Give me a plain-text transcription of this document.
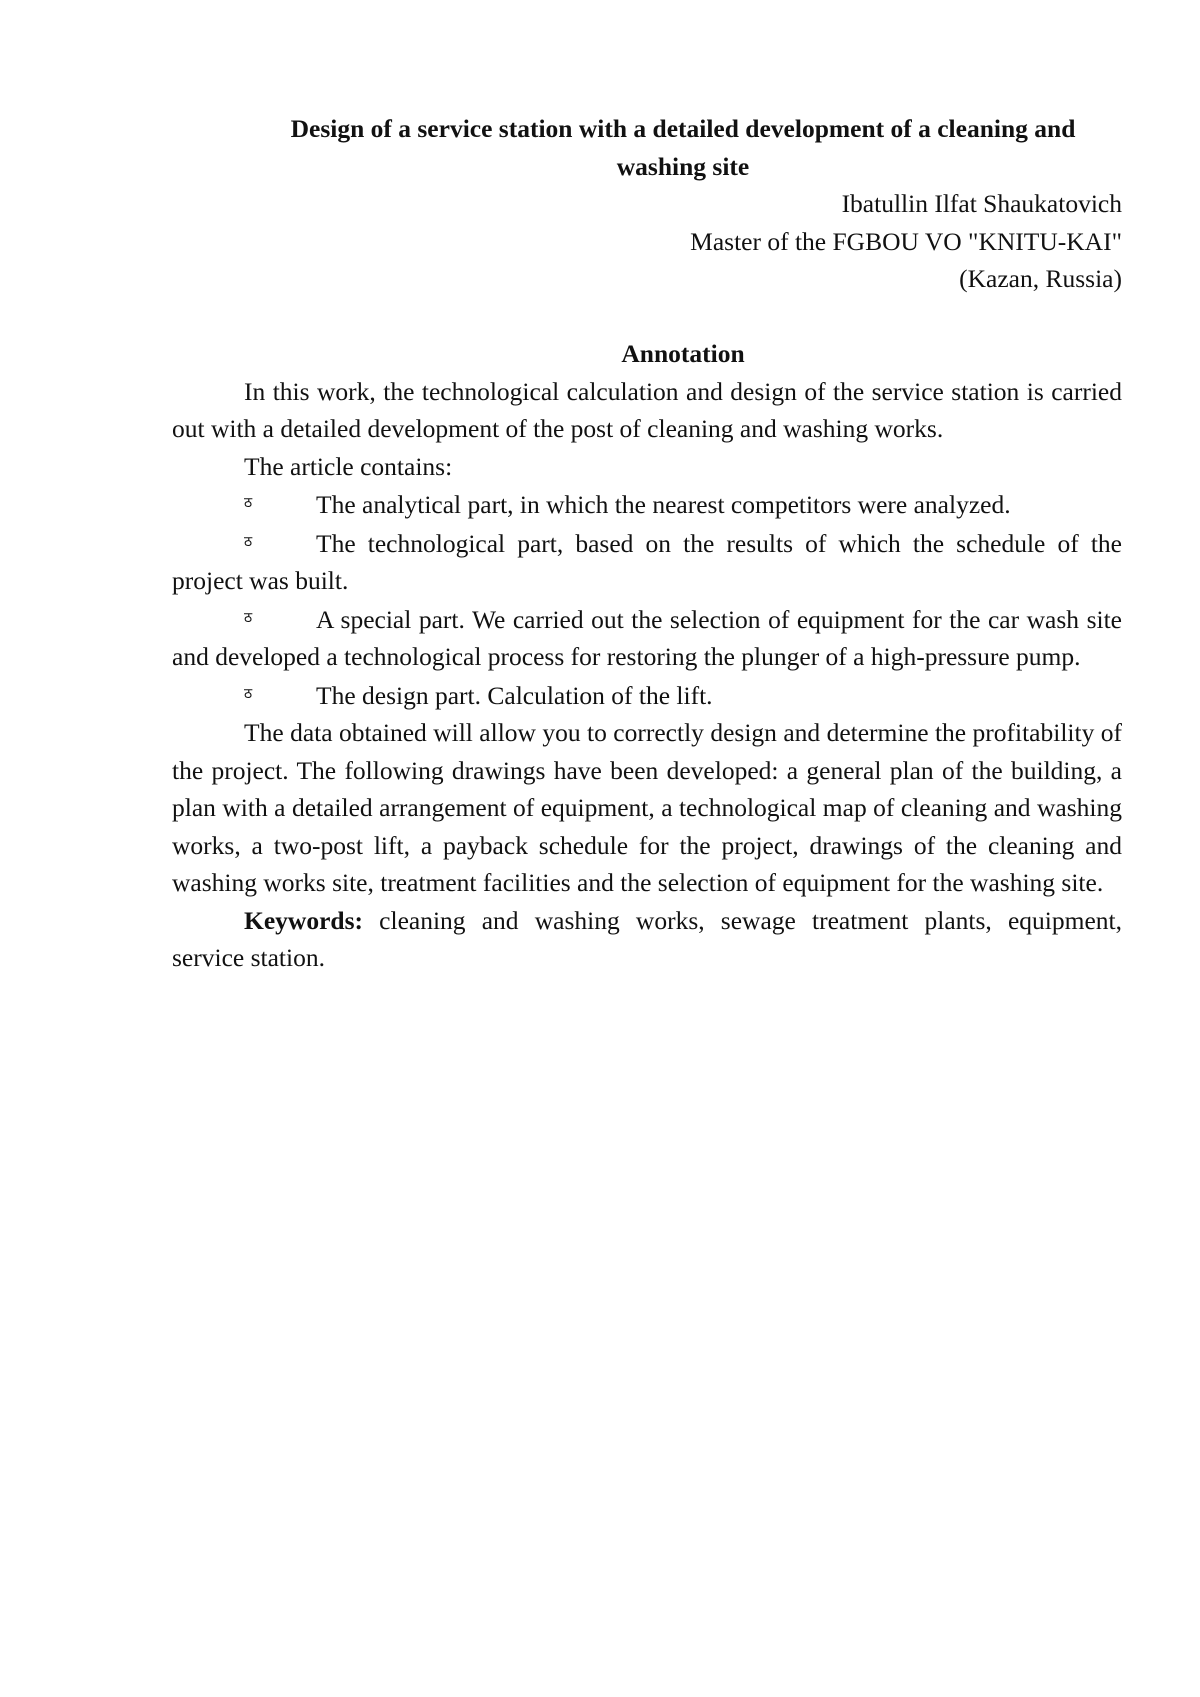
Design of a service station with a detailed development of a cleaning and washing site
Ibatullin Ilfat Shaukatovich
Master of the FGBOU VO "KNITU-KAI"
(Kazan, Russia)
Annotation

In this work, the technological calculation and design of the service station is carried out with a detailed development of the post of cleaning and washing works.

The article contains:

ठ	The analytical part, in which the nearest competitors were analyzed.

ठ	The technological part, based on the results of which the schedule of the project was built.

ठ	A special part. We carried out the selection of equipment for the car wash site and developed a technological process for restoring the plunger of a high-pressure pump.

ठ	The design part. Calculation of the lift.

The data obtained will allow you to correctly design and determine the profitability of the project. The following drawings have been developed: a general plan of the building, a plan with a detailed arrangement of equipment, a technological map of cleaning and washing works, a two-post lift, a payback schedule for the project, drawings of the cleaning and washing works site, treatment facilities and the selection of equipment for the washing site.

Keywords: cleaning and washing works, sewage treatment plants, equipment, service station.
